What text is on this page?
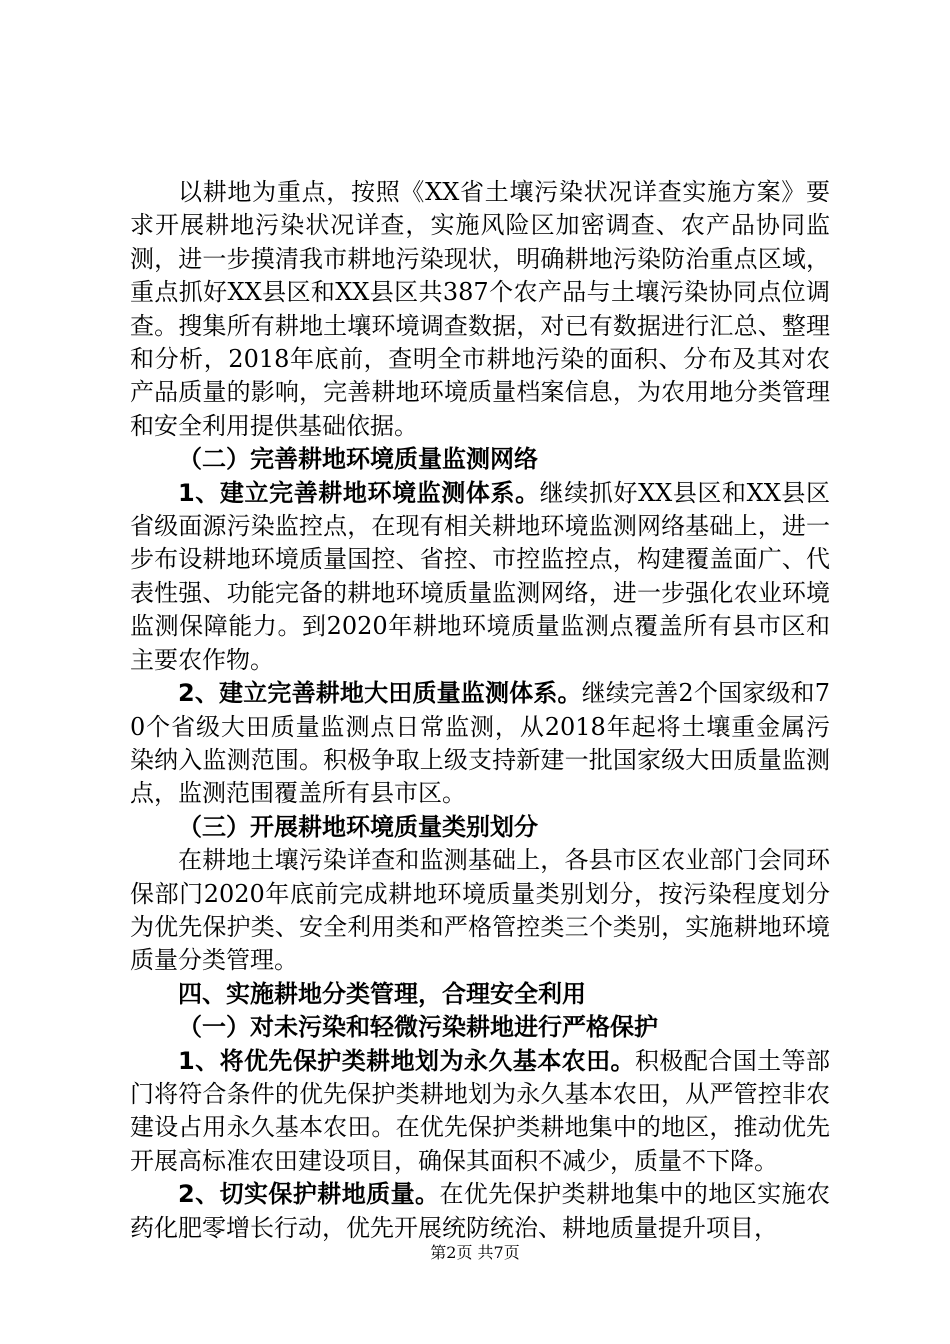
以耕地为重点，按照《XX省土壤污染状况详查实施方案》要求开展耕地污染状况详查，实施风险区加密调查、农产品协同监测，进一步摸清我市耕地污染现状，明确耕地污染防治重点区域，重点抓好XX县区和XX县区共387个农产品与土壤污染协同点位调查。搜集所有耕地土壤环境调查数据，对已有数据进行汇总、整理和分析，2018年底前，查明全市耕地污染的面积、分布及其对农产品质量的影响，完善耕地环境质量档案信息，为农用地分类管理和安全利用提供基础依据。

（二）完善耕地环境质量监测网络

1、建立完善耕地环境监测体系。继续抓好XX县区和XX县区省级面源污染监控点，在现有相关耕地环境监测网络基础上，进一步布设耕地环境质量国控、省控、市控监控点，构建覆盖面广、代表性强、功能完备的耕地环境质量监测网络，进一步强化农业环境监测保障能力。到2020年耕地环境质量监测点覆盖所有县市区和主要农作物。

2、建立完善耕地大田质量监测体系。继续完善2个国家级和70个省级大田质量监测点日常监测，从2018年起将土壤重金属污染纳入监测范围。积极争取上级支持新建一批国家级大田质量监测点，监测范围覆盖所有县市区。

（三）开展耕地环境质量类别划分

在耕地土壤污染详查和监测基础上，各县市区农业部门会同环保部门2020年底前完成耕地环境质量类别划分，按污染程度划分为优先保护类、安全利用类和严格管控类三个类别，实施耕地环境质量分类管理。

四、实施耕地分类管理，合理安全利用

（一）对未污染和轻微污染耕地进行严格保护

1、将优先保护类耕地划为永久基本农田。积极配合国土等部门将符合条件的优先保护类耕地划为永久基本农田，从严管控非农建设占用永久基本农田。在优先保护类耕地集中的地区，推动优先开展高标准农田建设项目，确保其面积不减少，质量不下降。

2、切实保护耕地质量。在优先保护类耕地集中的地区实施农药化肥零增长行动，优先开展统防统治、耕地质量提升项目，

第2页 共7页
